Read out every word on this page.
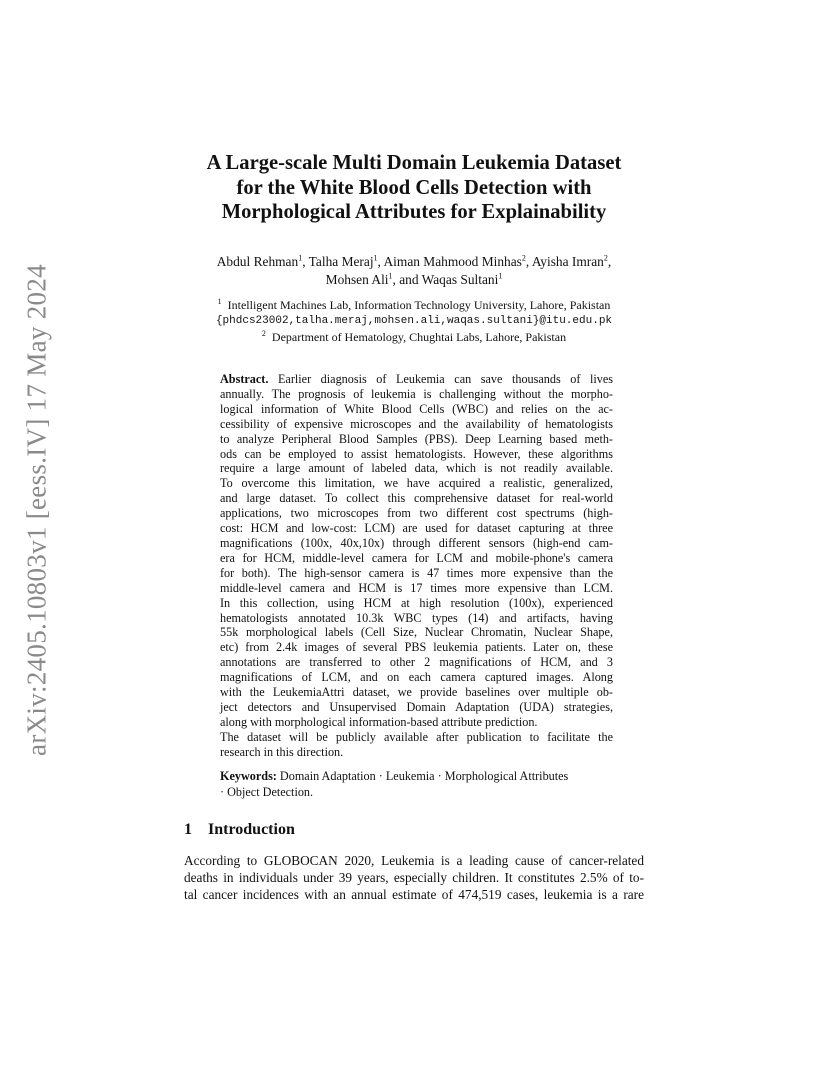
arXiv:2405.10803v1 [eess.IV] 17 May 2024
A Large-scale Multi Domain Leukemia Dataset
for the White Blood Cells Detection with
Morphological Attributes for Explainability
Abdul Rehman$^1$, Talha Meraj$^1$, Aiman Mahmood Minhas$^2$, Ayisha Imran$^2$,
Mohsen Ali$^1$, and Waqas Sultani$^1$
$^1$ Intelligent Machines Lab, Information Technology University, Lahore, Pakistan
{phdcs23002,talha.meraj,mohsen.ali,waqas.sultani}@itu.edu.pk
$^2$ Department of Hematology, Chughtai Labs, Lahore, Pakistan
Abstract. Earlier diagnosis of Leukemia can save thousands of lives
annually. The prognosis of leukemia is challenging without the morpho-
logical information of White Blood Cells (WBC) and relies on the ac-
cessibility of expensive microscopes and the availability of hematologists
to analyze Peripheral Blood Samples (PBS). Deep Learning based meth-
ods can be employed to assist hematologists. However, these algorithms
require a large amount of labeled data, which is not readily available.
To overcome this limitation, we have acquired a realistic, generalized,
and large dataset. To collect this comprehensive dataset for real-world
applications, two microscopes from two different cost spectrums (high-
cost: HCM and low-cost: LCM) are used for dataset capturing at three
magnifications (100x, 40x,10x) through different sensors (high-end cam-
era for HCM, middle-level camera for LCM and mobile-phone's camera
for both). The high-sensor camera is 47 times more expensive than the
middle-level camera and HCM is 17 times more expensive than LCM.
In this collection, using HCM at high resolution (100x), experienced
hematologists annotated 10.3k WBC types (14) and artifacts, having
55k morphological labels (Cell Size, Nuclear Chromatin, Nuclear Shape,
etc) from 2.4k images of several PBS leukemia patients. Later on, these
annotations are transferred to other 2 magnifications of HCM, and 3
magnifications of LCM, and on each camera captured images. Along
with the LeukemiaAttri dataset, we provide baselines over multiple ob-
ject detectors and Unsupervised Domain Adaptation (UDA) strategies,
along with morphological information-based attribute prediction.
The dataset will be publicly available after publication to facilitate the
research in this direction.
Keywords: Domain Adaptation · Leukemia · Morphological Attributes
· Object Detection.
1 Introduction
According to GLOBOCAN 2020, Leukemia is a leading cause of cancer-related
deaths in individuals under 39 years, especially children. It constitutes 2.5% of to-
tal cancer incidences with an annual estimate of 474,519 cases, leukemia is a rare
